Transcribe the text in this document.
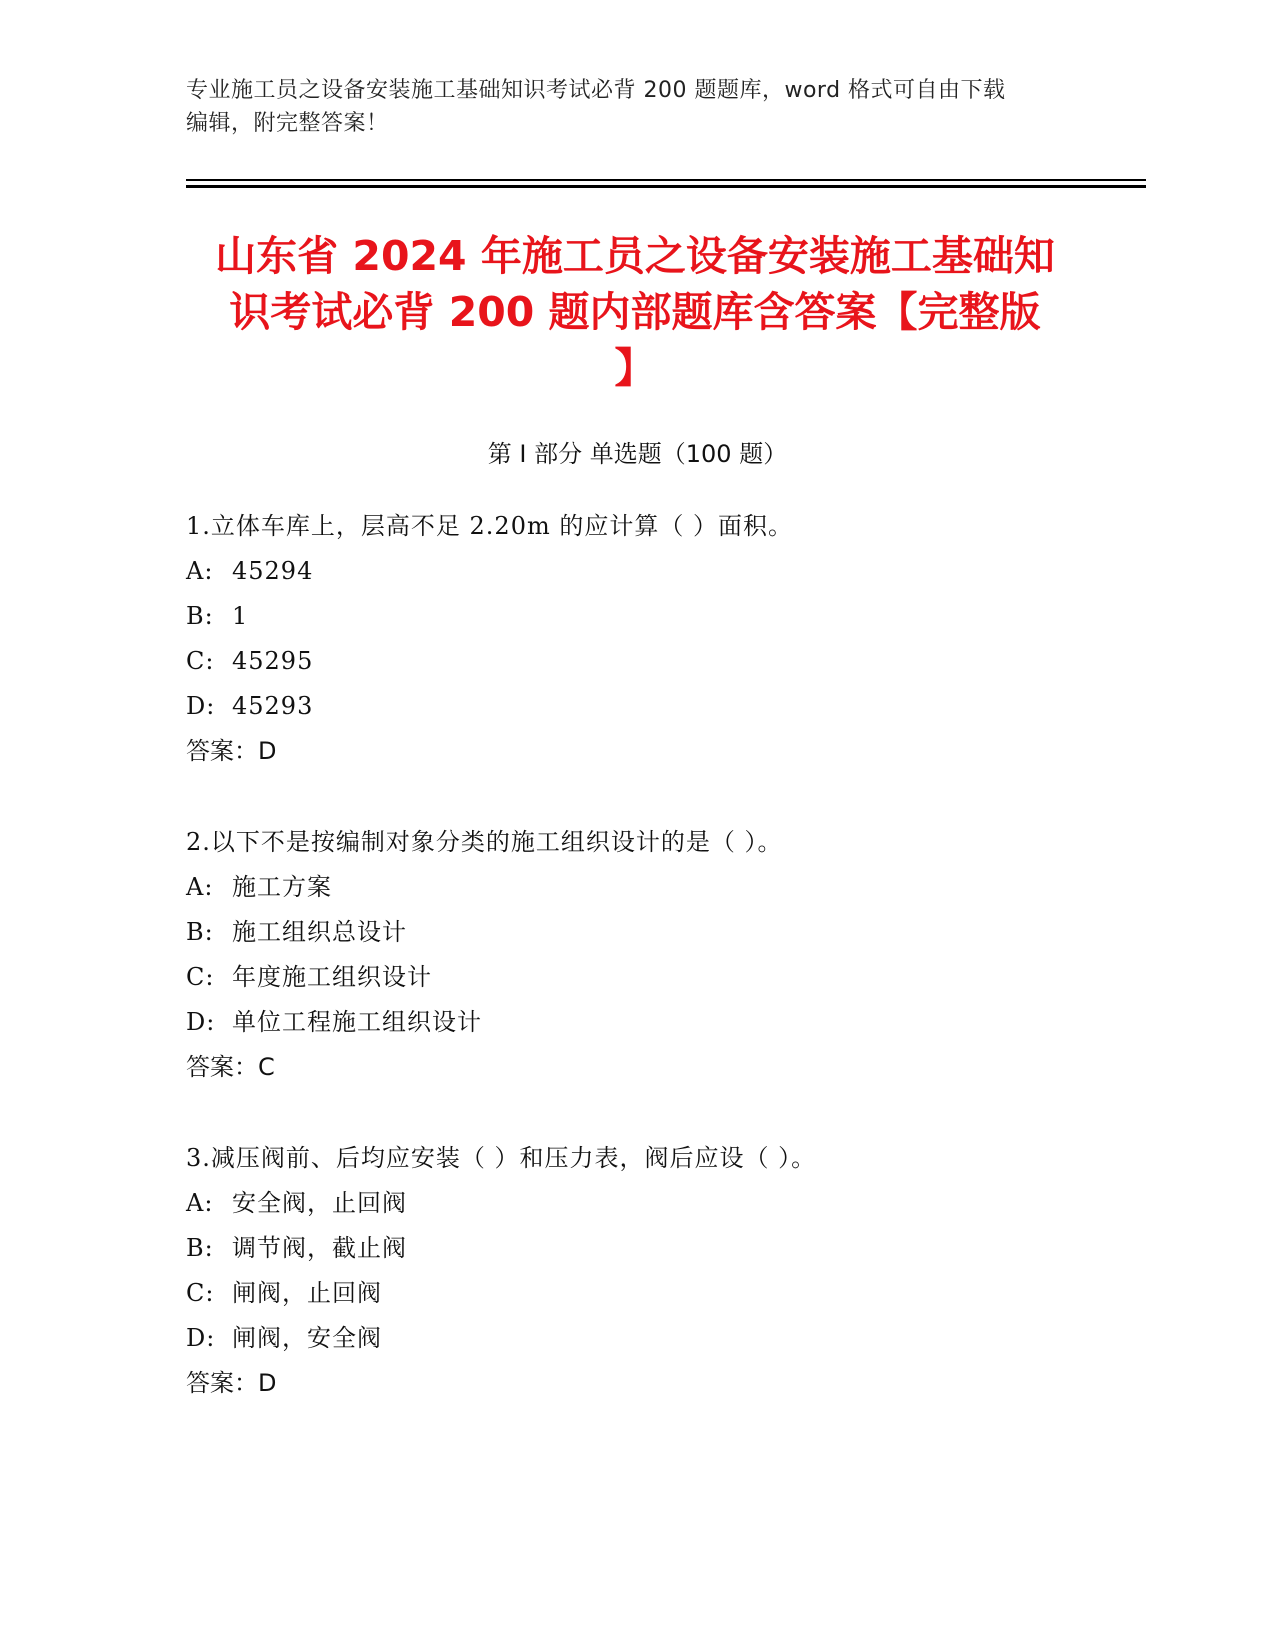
专业施工员之设备安装施工基础知识考试必背 200 题题库，word 格式可自由下载
编辑，附完整答案！
山东省 2024 年施工员之设备安装施工基础知
识考试必背 200 题内部题库含答案【完整版
】
第 I 部分 单选题（100 题）
1.立体车库上，层高不足 2.20m 的应计算（ ）面积。
A: 45294
B: 1
C: 45295
D: 45293
答案：D
2.以下不是按编制对象分类的施工组织设计的是（ ）。
A: 施工方案
B: 施工组织总设计
C: 年度施工组织设计
D: 单位工程施工组织设计
答案：C
3.减压阀前、后均应安装（ ）和压力表，阀后应设（ ）。
A: 安全阀，止回阀
B: 调节阀，截止阀
C: 闸阀，止回阀
D: 闸阀，安全阀
答案：D
